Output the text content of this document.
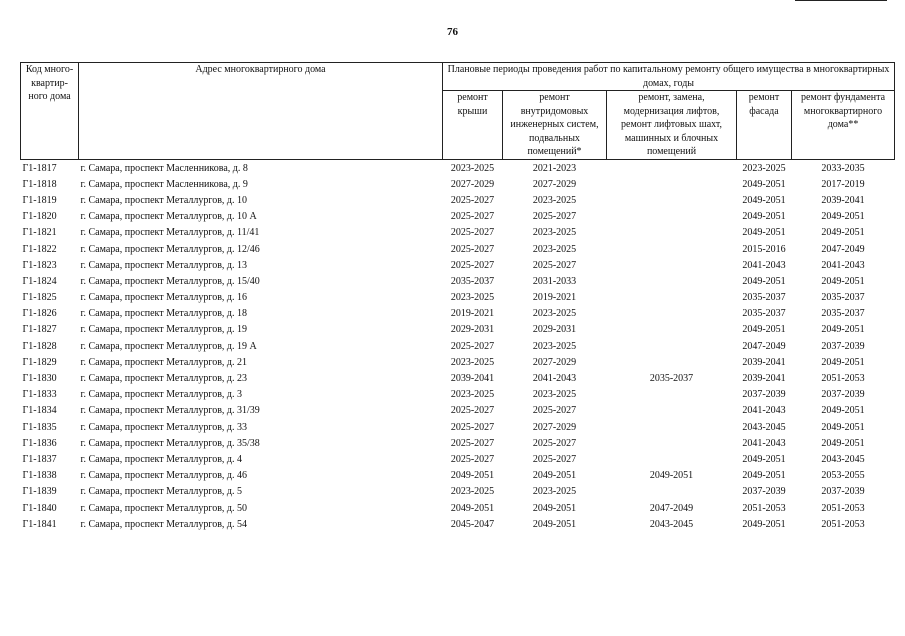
76
Код много-квартир-ного дома	Адрес многоквартирного дома	Плановые периоды проведения работ по капитальному ремонту общего имущества в многоквартирных домах, годы				
		ремонт крыши	ремонт внутридомовых инженерных систем, подвальных помещений*	ремонт, замена, модернизация лифтов, ремонт лифтовых шахт, машинных и блочных помещений	ремонт фасада	ремонт фундамента многоквартирного дома**
Г1-1817	г. Самара, проспект Масленникова, д. 8	2023-2025	2021-2023		2023-2025	2033-2035
Г1-1818	г. Самара, проспект Масленникова, д. 9	2027-2029	2027-2029		2049-2051	2017-2019
Г1-1819	г. Самара, проспект Металлургов, д. 10	2025-2027	2023-2025		2049-2051	2039-2041
Г1-1820	г. Самара, проспект Металлургов, д. 10 А	2025-2027	2025-2027		2049-2051	2049-2051
Г1-1821	г. Самара, проспект Металлургов, д. 11/41	2025-2027	2023-2025		2049-2051	2049-2051
Г1-1822	г. Самара, проспект Металлургов, д. 12/46	2025-2027	2023-2025		2015-2016	2047-2049
Г1-1823	г. Самара, проспект Металлургов, д. 13	2025-2027	2025-2027		2041-2043	2041-2043
Г1-1824	г. Самара, проспект Металлургов, д. 15/40	2035-2037	2031-2033		2049-2051	2049-2051
Г1-1825	г. Самара, проспект Металлургов, д. 16	2023-2025	2019-2021		2035-2037	2035-2037
Г1-1826	г. Самара, проспект Металлургов, д. 18	2019-2021	2023-2025		2035-2037	2035-2037
Г1-1827	г. Самара, проспект Металлургов, д. 19	2029-2031	2029-2031		2049-2051	2049-2051
Г1-1828	г. Самара, проспект Металлургов, д. 19 А	2025-2027	2023-2025		2047-2049	2037-2039
Г1-1829	г. Самара, проспект Металлургов, д. 21	2023-2025	2027-2029		2039-2041	2049-2051
Г1-1830	г. Самара, проспект Металлургов, д. 23	2039-2041	2041-2043	2035-2037	2039-2041	2051-2053
Г1-1833	г. Самара, проспект Металлургов, д. 3	2023-2025	2023-2025		2037-2039	2037-2039
Г1-1834	г. Самара, проспект Металлургов, д. 31/39	2025-2027	2025-2027		2041-2043	2049-2051
Г1-1835	г. Самара, проспект Металлургов, д. 33	2025-2027	2027-2029		2043-2045	2049-2051
Г1-1836	г. Самара, проспект Металлургов, д. 35/38	2025-2027	2025-2027		2041-2043	2049-2051
Г1-1837	г. Самара, проспект Металлургов, д. 4	2025-2027	2025-2027		2049-2051	2043-2045
Г1-1838	г. Самара, проспект Металлургов, д. 46	2049-2051	2049-2051	2049-2051	2049-2051	2053-2055
Г1-1839	г. Самара, проспект Металлургов, д. 5	2023-2025	2023-2025		2037-2039	2037-2039
Г1-1840	г. Самара, проспект Металлургов, д. 50	2049-2051	2049-2051	2047-2049	2051-2053	2051-2053
Г1-1841	г. Самара, проспект Металлургов, д. 54	2045-2047	2049-2051	2043-2045	2049-2051	2051-2053
